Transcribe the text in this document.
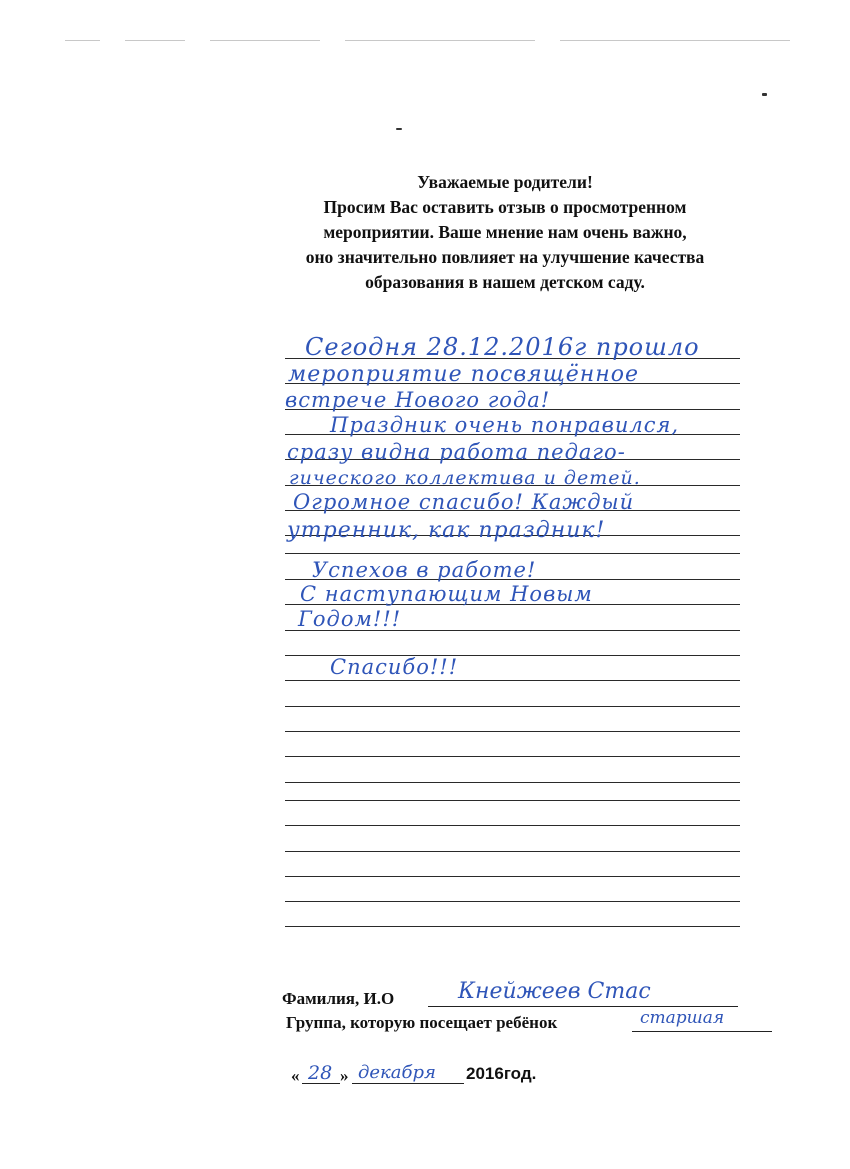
Уважаемые родители!
Просим Вас оставить отзыв о просмотренном
мероприятии. Ваше мнение нам очень важно,
оно значительно повлияет на улучшение качества
образования в нашем детском саду.
Сегодня 28.12.2016г прошло
мероприятие посвящённое
встрече Нового года!
Праздник очень понравился,
сразу видна работа педаго-
гического коллектива и детей.
Огромное спасибо! Каждый
утренник, как праздник!
Успехов в работе!
С наступающим Новым
Годом!!!
Спасибо!!!
Фамилия, И.О	Кнейжеев Стас
Группа, которую посещает ребёнок	старшая
« 28 » декабря 2016год.
